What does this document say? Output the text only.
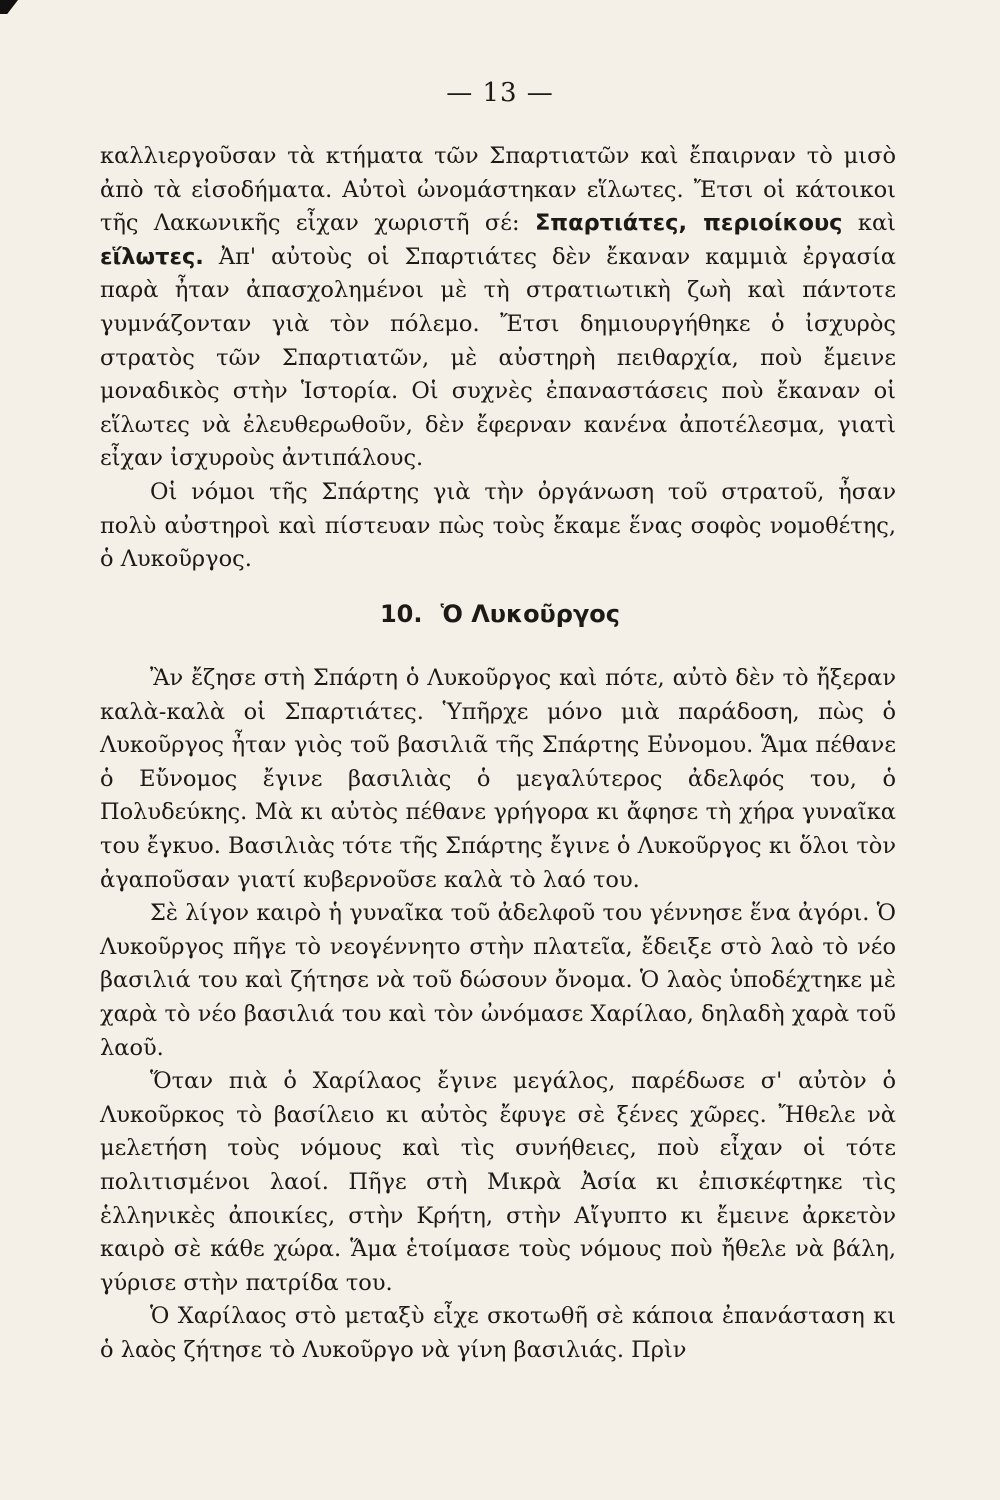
— 13 —

καλλιεργοῦσαν τὰ κτήματα τῶν Σπαρτιατῶν καὶ ἔπαιρναν τὸ μισὸ ἀπὸ τὰ εἰσοδήματα. Αὐτοὶ ὠνομάστηκαν εἵλωτες. Ἔτσι οἱ κάτοικοι τῆς Λακωνικῆς εἶχαν χωριστῆ σέ: Σπαρτιάτες, περιοίκους καὶ εἵλωτες. Ἀπ' αὐτοὺς οἱ Σπαρτιάτες δὲν ἔκαναν καμμιὰ ἐργασία παρὰ ἦταν ἀπασχολημένοι μὲ τὴ στρατιωτικὴ ζωὴ καὶ πάντοτε γυμνάζονταν γιὰ τὸν πόλεμο. Ἔτσι δημιουργήθηκε ὁ ἰσχυρὸς στρατὸς τῶν Σπαρτιατῶν, μὲ αὐστηρὴ πειθαρχία, ποὺ ἔμεινε μοναδικὸς στὴν Ἱστορία. Οἱ συχνὲς ἐπαναστάσεις ποὺ ἔκαναν οἱ εἵλωτες νὰ ἐλευθερωθοῦν, δὲν ἔφερναν κανένα ἀποτέλεσμα, γιατὶ εἶχαν ἰσχυροὺς ἀντιπάλους.

Οἱ νόμοι τῆς Σπάρτης γιὰ τὴν ὀργάνωση τοῦ στρατοῦ, ἦσαν πολὺ αὐστηροὶ καὶ πίστευαν πὼς τοὺς ἔκαμε ἕνας σοφὸς νομοθέτης, ὁ Λυκοῦργος.

10. Ὁ Λυκοῦργος

Ἂν ἔζησε στὴ Σπάρτη ὁ Λυκοῦργος καὶ πότε, αὐτὸ δὲν τὸ ἤξεραν καλὰ-καλὰ οἱ Σπαρτιάτες. Ὑπῆρχε μόνο μιὰ παράδοση, πὼς ὁ Λυκοῦργος ἦταν γιὸς τοῦ βασιλιᾶ τῆς Σπάρτης Εὐνομου. Ἅμα πέθανε ὁ Εὔνομος ἔγινε βασιλιὰς ὁ μεγαλύτερος ἀδελφός του, ὁ Πολυδεύκης. Μὰ κι αὐτὸς πέθανε γρήγορα κι ἄφησε τὴ χήρα γυναῖκα του ἔγκυο. Βασιλιὰς τότε τῆς Σπάρτης ἔγινε ὁ Λυκοῦργος κι ὅλοι τὸν ἀγαποῦσαν γιατί κυβερνοῦσε καλὰ τὸ λαό του.

Σὲ λίγον καιρὸ ἡ γυναῖκα τοῦ ἀδελφοῦ του γέννησε ἕνα ἀγόρι. Ὁ Λυκοῦργος πῆγε τὸ νεογέννητο στὴν πλατεῖα, ἔδειξε στὸ λαὸ τὸ νέο βασιλιά του καὶ ζήτησε νὰ τοῦ δώσουν ὄνομα. Ὁ λαὸς ὑποδέχτηκε μὲ χαρὰ τὸ νέο βασιλιά του καὶ τὸν ὠνόμασε Χαρίλαο, δηλαδὴ χαρὰ τοῦ λαοῦ.

Ὅταν πιὰ ὁ Χαρίλαος ἔγινε μεγάλος, παρέδωσε σ' αὐτὸν ὁ Λυκοῦρκος τὸ βασίλειο κι αὐτὸς ἔφυγε σὲ ξένες χῶρες. Ἤθελε νὰ μελετήση τοὺς νόμους καὶ τὶς συνήθειες, ποὺ εἶχαν οἱ τότε πολιτισμένοι λαοί. Πῆγε στὴ Μικρὰ Ἀσία κι ἐπισκέφτηκε τὶς ἑλληνικὲς ἀποικίες, στὴν Κρήτη, στὴν Αἴγυπτο κι ἔμεινε ἀρκετὸν καιρὸ σὲ κάθε χώρα. Ἅμα ἑτοίμασε τοὺς νόμους ποὺ ἤθελε νὰ βάλη, γύρισε στὴν πατρίδα του.

Ὁ Χαρίλαος στὸ μεταξὺ εἶχε σκοτωθῆ σὲ κάποια ἐπανάσταση κι ὁ λαὸς ζήτησε τὸ Λυκοῦργο νὰ γίνη βασιλιάς. Πρὶν
